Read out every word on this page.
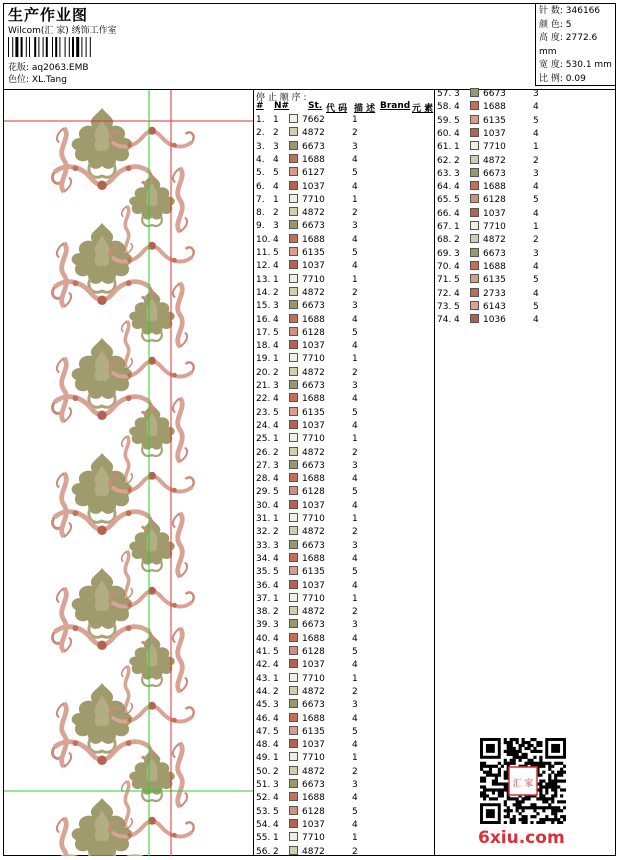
生产作业图
Wilcom(汇 家) 绣饰工作室
花版: aq2063.EMB
色位: XL.Tang
针 数: 346166
颜 色: 5
高 度: 2772.6 mm
宽 度: 530.1 mm
比 例: 0.09
停 止 顺 序 :
# N# St. 代 码 描 述 Brand 元 素
1. 1	7662	1
2. 2	4872	2
3. 3	6673	3
4. 4	1688	4
5. 5	6127	5
6. 4	1037	4
7. 1	7710	1
8. 2	4872	2
9. 3	6673	3
10. 4	1688	4
11. 5	6135	5
12. 4	1037	4
13. 1	7710	1
14. 2	4872	2
15. 3	6673	3
16. 4	1688	4
17. 5	6128	5
18. 4	1037	4
19. 1	7710	1
20. 2	4872	2
21. 3	6673	3
22. 4	1688	4
23. 5	6135	5
24. 4	1037	4
25. 1	7710	1
26. 2	4872	2
27. 3	6673	3
28. 4	1688	4
29. 5	6128	5
30. 4	1037	4
31. 1	7710	1
32. 2	4872	2
33. 3	6673	3
34. 4	1688	4
35. 5	6135	5
36. 4	1037	4
37. 1	7710	1
38. 2	4872	2
39. 3	6673	3
40. 4	1688	4
41. 5	6128	5
42. 4	1037	4
43. 1	7710	1
44. 2	4872	2
45. 3	6673	3
46. 4	1688	4
47. 5	6135	5
48. 4	1037	4
49. 1	7710	1
50. 2	4872	2
51. 3	6673	3
52. 4	1688	4
53. 5	6128	5
54. 4	1037	4
55. 1	7710	1
56. 2	4872	2
57. 3	6673	3
58. 4	1688	4
59. 5	6135	5
60. 4	1037	4
61. 1	7710	1
62. 2	4872	2
63. 3	6673	3
64. 4	1688	4
65. 5	6128	5
66. 4	1037	4
67. 1	7710	1
68. 2	4872	2
69. 3	6673	3
70. 4	1688	4
71. 5	6135	5
72. 4	2733	4
73. 5	6143	5
74. 4	1036	4
汇 家
6xiu.com
